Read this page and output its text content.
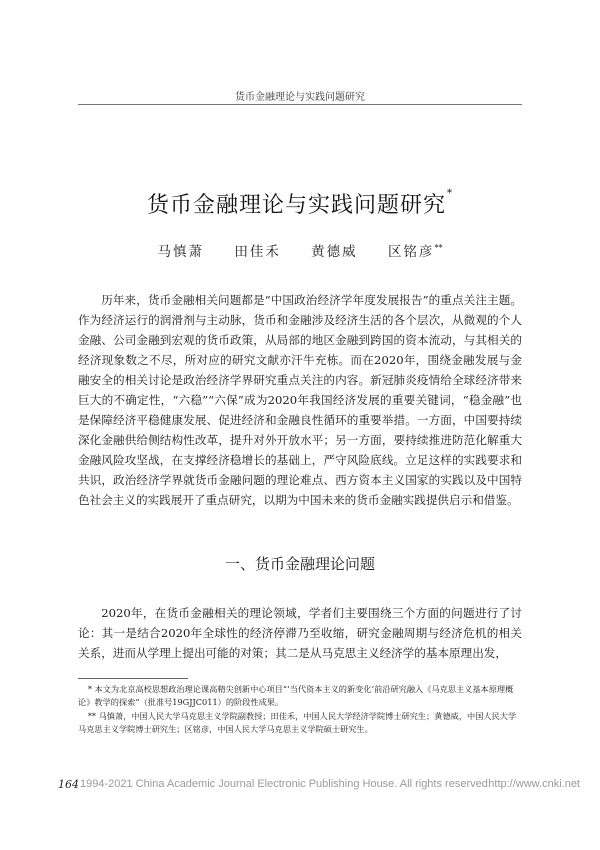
货币金融理论与实践问题研究
货币金融理论与实践问题研究*
马慎萧 田佳禾 黄德威 区铭彦**

历年来，货币金融相关问题都是“中国政治经济学年度发展报告”的重点关注主题。作为经济运行的润滑剂与主动脉，货币和金融涉及经济生活的各个层次，从微观的个人金融、公司金融到宏观的货币政策，从局部的地区金融到跨国的资本流动，与其相关的经济现象数之不尽，所对应的研究文献亦汗牛充栋。而在2020年，围绕金融发展与金融安全的相关讨论是政治经济学界研究重点关注的内容。新冠肺炎疫情给全球经济带来巨大的不确定性，“六稳”“六保”成为2020年我国经济发展的重要关键词，“稳金融”也是保障经济平稳健康发展、促进经济和金融良性循环的重要举措。一方面，中国要持续深化金融供给侧结构性改革，提升对外开放水平；另一方面，要持续推进防范化解重大金融风险攻坚战，在支撑经济稳增长的基础上，严守风险底线。立足这样的实践要求和共识，政治经济学界就货币金融问题的理论难点、西方资本主义国家的实践以及中国特色社会主义的实践展开了重点研究，以期为中国未来的货币金融实践提供启示和借鉴。

一、货币金融理论问题

2020年，在货币金融相关的理论领域，学者们主要围绕三个方面的问题进行了讨论：其一是结合2020年全球性的经济停滞乃至收缩，研究金融周期与经济危机的相关关系，进而从学理上提出可能的对策；其二是从马克思主义经济学的基本原理出发，

* 本文为北京高校思想政治理论课高精尖创新中心项目“‘当代资本主义的新变化’前沿研究融入《马克思主义基本原理概论》教学的探索”（批准号19GJJC011）的阶段性成果。

** 马慎萧，中国人民大学马克思主义学院副教授；田佳禾，中国人民大学经济学院博士研究生；黄德威，中国人民大学马克思主义学院博士研究生；区铭彦，中国人民大学马克思主义学院硕士研究生。

164 1994-2021 China Academic Journal Electronic Publishing House. All rights reserved.
http://www.cnki.net
